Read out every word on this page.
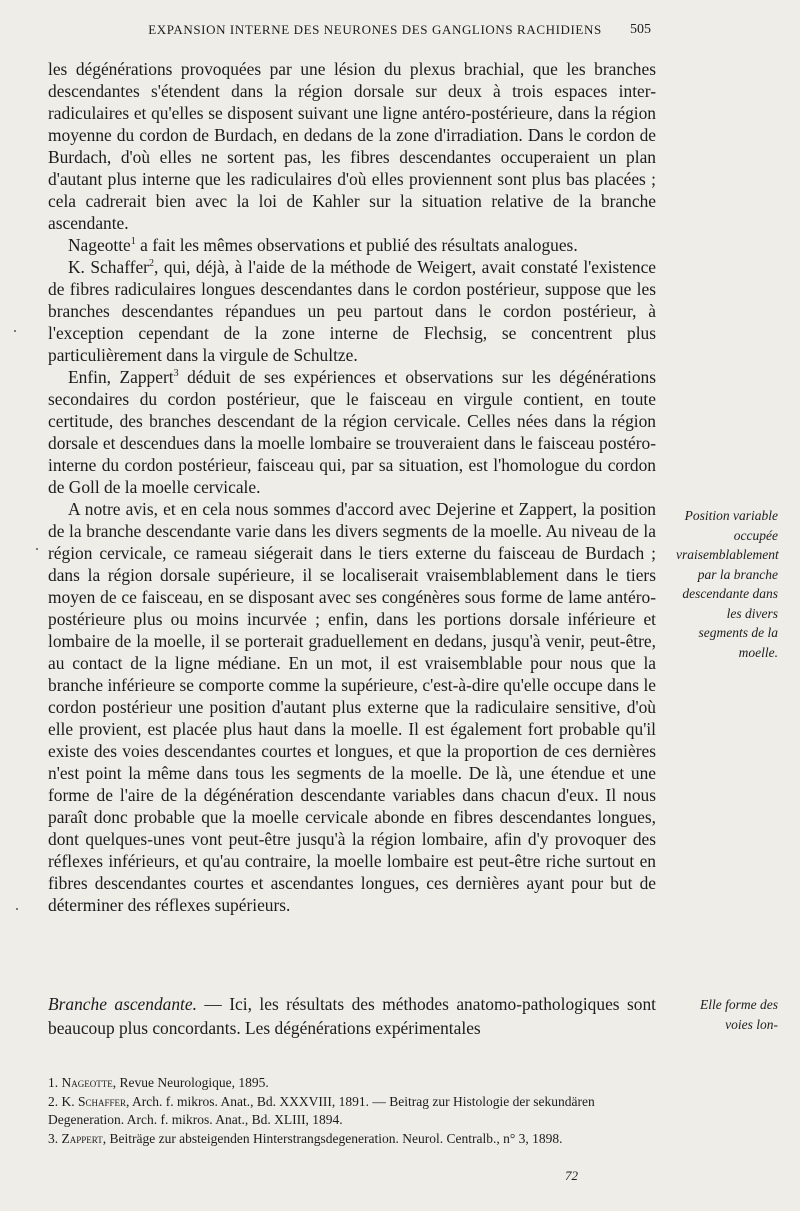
EXPANSION INTERNE DES NEURONES DES GANGLIONS RACHIDIENS	505

les dégénérations provoquées par une lésion du plexus brachial, que les branches descendantes s'étendent dans la région dorsale sur deux à trois espaces inter-radiculaires et qu'elles se disposent suivant une ligne antéro-postérieure, dans la région moyenne du cordon de Burdach, en dedans de la zone d'irradiation. Dans le cordon de Burdach, d'où elles ne sortent pas, les fibres descendantes occuperaient un plan d'autant plus interne que les radiculaires d'où elles proviennent sont plus bas placées ; cela cadrerait bien avec la loi de Kahler sur la situation relative de la branche ascendante.

Nageotte$^1$ a fait les mêmes observations et publié des résultats analogues.

K. Schaffer$^2$, qui, déjà, à l'aide de la méthode de Weigert, avait constaté l'existence de fibres radiculaires longues descendantes dans le cordon postérieur, suppose que les branches descendantes répandues un peu partout dans le cordon postérieur, à l'exception cependant de la zone interne de Flechsig, se concentrent plus particulièrement dans la virgule de Schultze.

Enfin, Zappert$^3$ déduit de ses expériences et observations sur les dégénérations secondaires du cordon postérieur, que le faisceau en virgule contient, en toute certitude, des branches descendant de la région cervicale. Celles nées dans la région dorsale et descendues dans la moelle lombaire se trouveraient dans le faisceau postéro-interne du cordon postérieur, faisceau qui, par sa situation, est l'homologue du cordon de Goll de la moelle cervicale.

A notre avis, et en cela nous sommes d'accord avec Dejerine et Zappert, la position de la branche descendante varie dans les divers segments de la moelle. Au niveau de la région cervicale, ce rameau siégerait dans le tiers externe du faisceau de Burdach ; dans la région dorsale supérieure, il se localiserait vraisemblablement dans le tiers moyen de ce faisceau, en se disposant avec ses congénères sous forme de lame antéro-postérieure plus ou moins incurvée ; enfin, dans les portions dorsale inférieure et lombaire de la moelle, il se porterait graduellement en dedans, jusqu'à venir, peut-être, au contact de la ligne médiane. En un mot, il est vraisemblable pour nous que la branche inférieure se comporte comme la supérieure, c'est-à-dire qu'elle occupe dans le cordon postérieur une position d'autant plus externe que la radiculaire sensitive, d'où elle provient, est placée plus haut dans la moelle. Il est également fort probable qu'il existe des voies descendantes courtes et longues, et que la proportion de ces dernières n'est point la même dans tous les segments de la moelle. De là, une étendue et une forme de l'aire de la dégénération descendante variables dans chacun d'eux. Il nous paraît donc probable que la moelle cervicale abonde en fibres descendantes longues, dont quelques-unes vont peut-être jusqu'à la région lombaire, afin d'y provoquer des réflexes inférieurs, et qu'au contraire, la moelle lombaire est peut-être riche surtout en fibres descendantes courtes et ascendantes longues, ces dernières ayant pour but de déterminer des réflexes supérieurs.

Position variable occupée vraisemblablement par la branche descendante dans les divers segments de la moelle.
Branche ascendante. — Ici, les résultats des méthodes anatomo-pathologiques sont beaucoup plus concordants. Les dégénérations expérimentales
Elle forme des voies lon-
1. Nageotte, Revue Neurologique, 1895.
2. K. Schaffer, Arch. f. mikros. Anat., Bd. XXXVIII, 1891. — Beitrag zur Histologie der sekundären Degeneration. Arch. f. mikros. Anat., Bd. XLIII, 1894.
3. Zappert, Beiträge zur absteigenden Hinterstrangsdegeneration. Neurol. Centralb., n° 3, 1898.
72
